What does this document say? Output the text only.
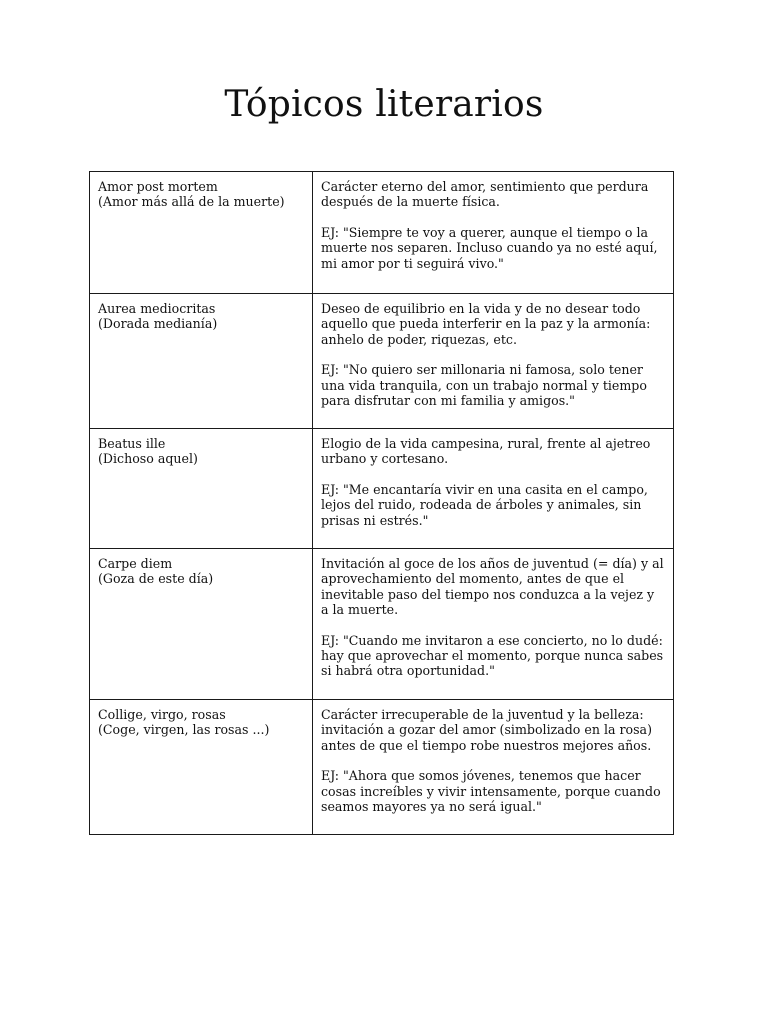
Tópicos literarios
Amor post mortem
(Amor más allá de la muerte)	Carácter eterno del amor, sentimiento que perdura después de la muerte física.
EJ: "Siempre te voy a querer, aunque el tiempo o la muerte nos separen. Incluso cuando ya no esté aquí, mi amor por ti seguirá vivo."

Aurea mediocritas
(Dorada medianía)	Deseo de equilibrio en la vida y de no desear todo aquello que pueda interferir en la paz y la armonía: anhelo de poder, riquezas, etc.
EJ: "No quiero ser millonaria ni famosa, solo tener una vida tranquila, con un trabajo normal y tiempo para disfrutar con mi familia y amigos."

Beatus ille
(Dichoso aquel)	Elogio de la vida campesina, rural, frente al ajetreo urbano y cortesano.
EJ: "Me encantaría vivir en una casita en el campo, lejos del ruido, rodeada de árboles y animales, sin prisas ni estrés."

Carpe diem
(Goza de este día)	Invitación al goce de los años de juventud (= día) y al aprovechamiento del momento, antes de que el inevitable paso del tiempo nos conduzca a la vejez y a la muerte.
EJ: "Cuando me invitaron a ese concierto, no lo dudé: hay que aprovechar el momento, porque nunca sabes si habrá otra oportunidad."

Collige, virgo, rosas
(Coge, virgen, las rosas ...)	Carácter irrecuperable de la juventud y la belleza: invitación a gozar del amor (simbolizado en la rosa) antes de que el tiempo robe nuestros mejores años.
EJ: "Ahora que somos jóvenes, tenemos que hacer cosas increíbles y vivir intensamente, porque cuando seamos mayores ya no será igual."
